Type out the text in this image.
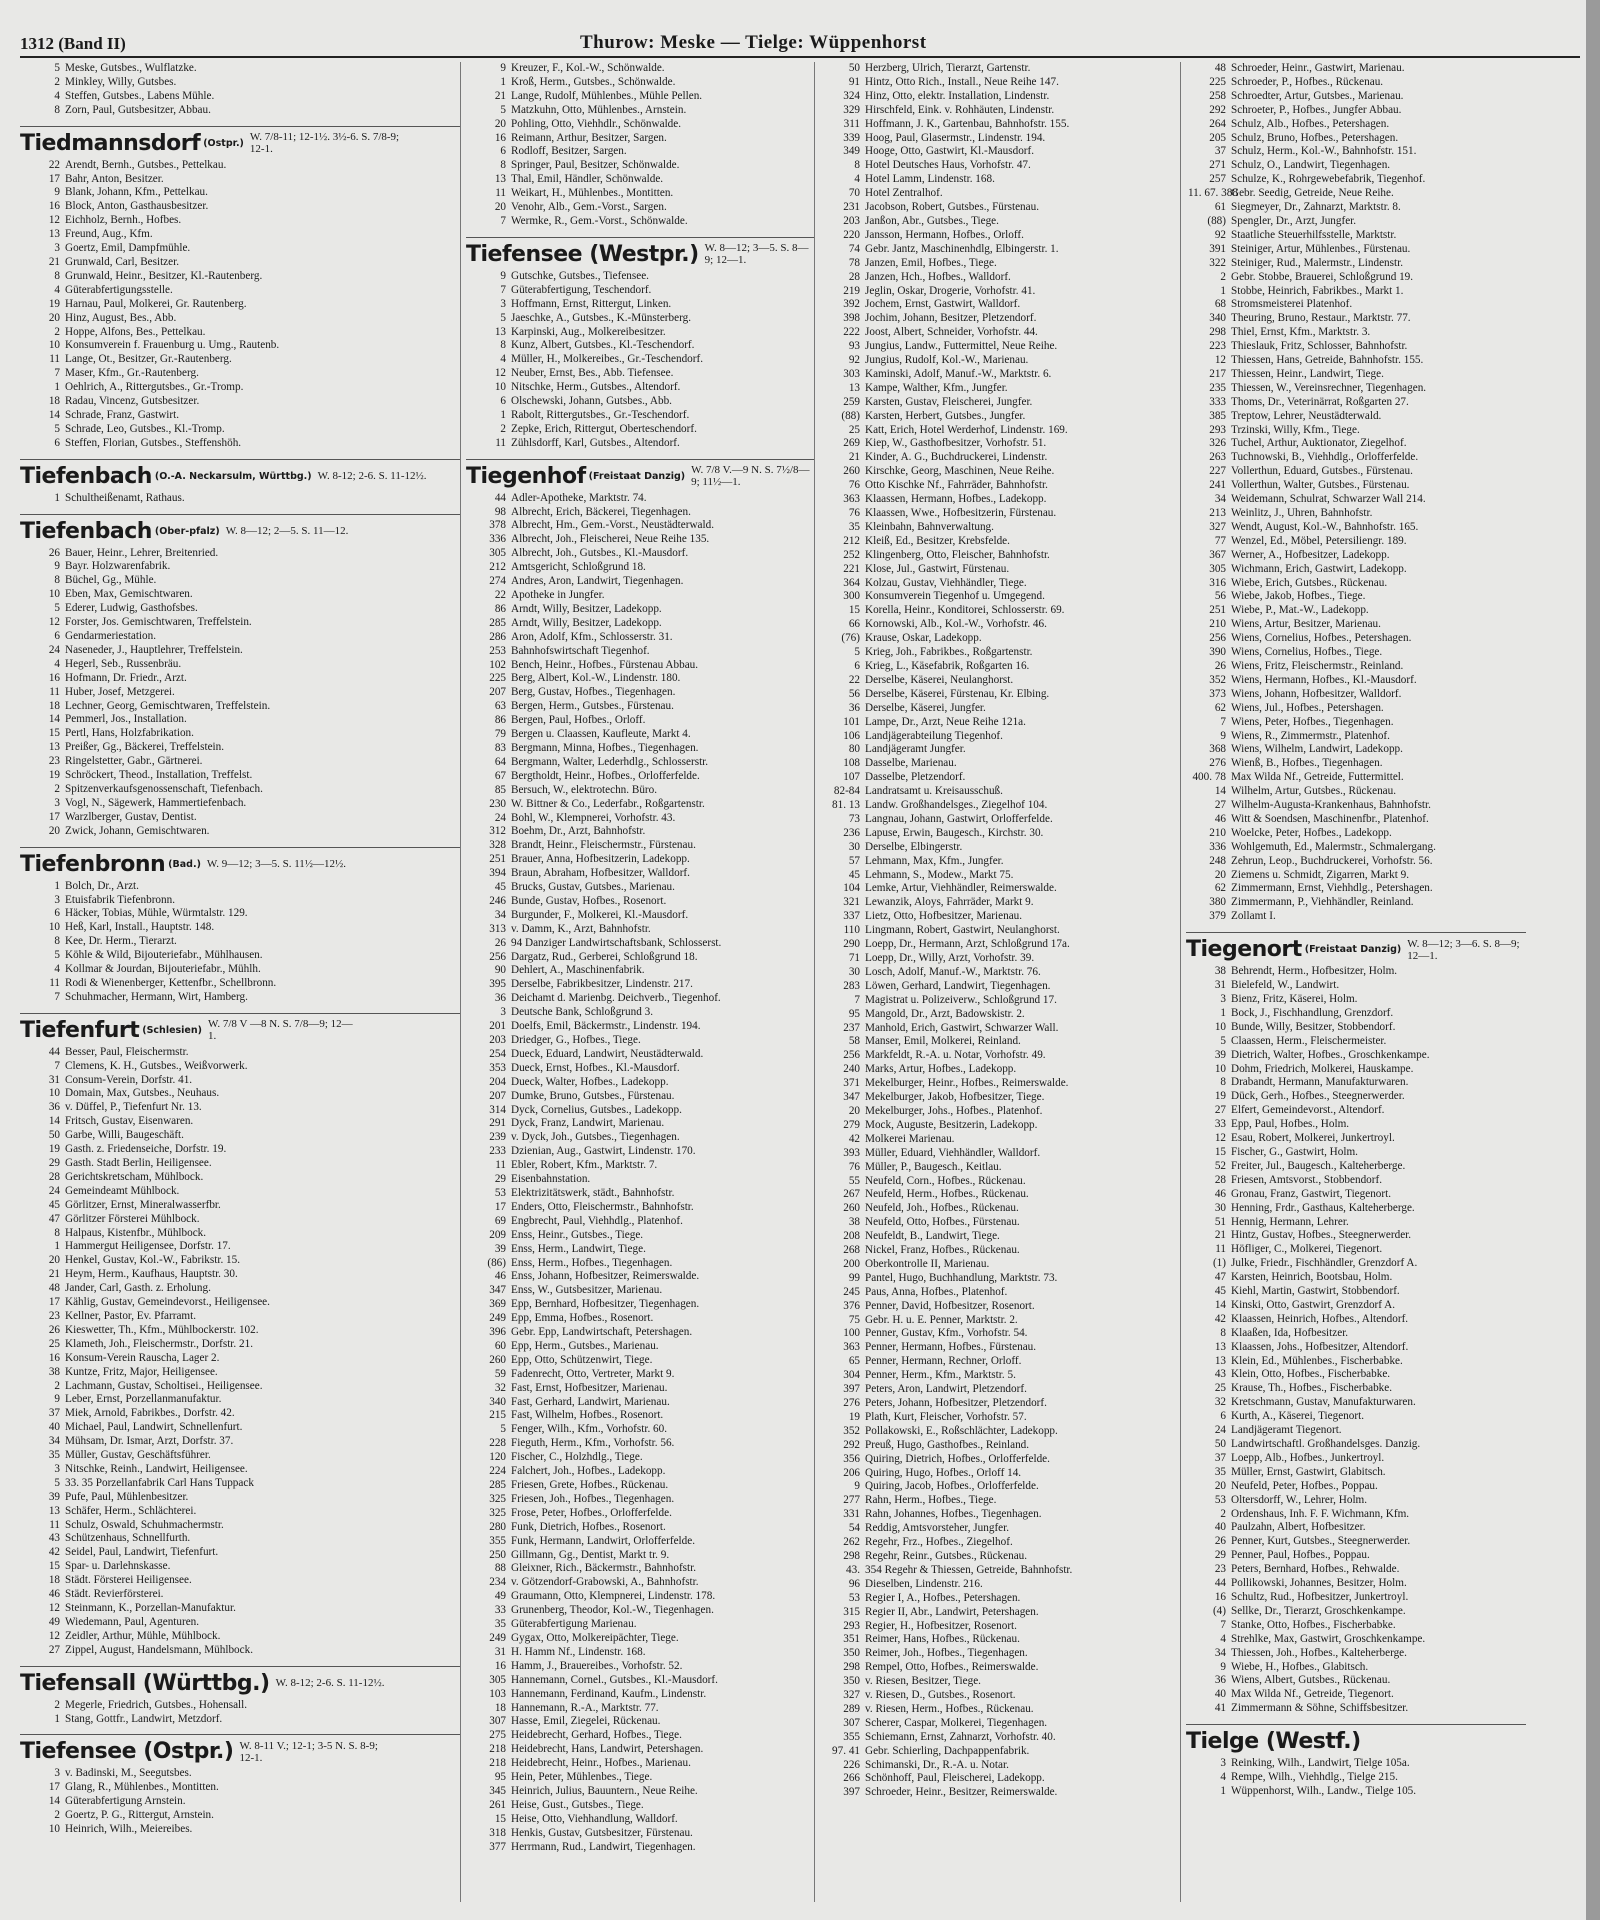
1312 (Band II)	Thurow: Meske — Tielge: Wüppenhorst
5 Meske, Gutsbes., Wulflatzke.
2 Minkley, Willy, Gutsbes.
4 Steffen, Gutsbes., Labens Mühle.
8 Zorn, Paul, Gutsbesitzer, Abbau.
Tiedmannsdorf (Ostpr.) W. 7/8-11; 12-1½. 3½-6. S. 7/8-9; 12-1.
22 Arendt, Bernh., Gutsbes., Pettelkau.
17 Bahr, Anton, Besitzer.
9 Blank, Johann, Kfm., Pettelkau.
16 Block, Anton, Gasthausbesitzer.
12 Eichholz, Bernh., Hofbes.
13 Freund, Aug., Kfm.
3 Goertz, Emil, Dampfmühle.
21 Grunwald, Carl, Besitzer.
8 Grunwald, Heinr., Besitzer, Kl.-Rautenberg.
4 Güterabfertigungsstelle.
19 Harnau, Paul, Molkerei, Gr. Rautenberg.
20 Hinz, August, Bes., Abb.
2 Hoppe, Alfons, Bes., Pettelkau.
10 Konsumverein f. Frauenburg u. Umg., Rautenb.
11 Lange, Ot., Besitzer, Gr.-Rautenberg.
7 Maser, Kfm., Gr.-Rautenberg.
1 Oehlrich, A., Rittergutsbes., Gr.-Tromp.
18 Radau, Vincenz, Gutsbesitzer.
14 Schrade, Franz, Gastwirt.
5 Schrade, Leo, Gutsbes., Kl.-Tromp.
6 Steffen, Florian, Gutsbes., Steffenshöh.
Tiefenbach (O.-A. Neckarsulm, Württbg.) W. 8-12; 2-6. S. 11-12½.
1 Schultheißenamt, Rathaus.
Tiefenbach (Ober-pfalz) W. 8—12; 2—5. S. 11—12.
26 Bauer, Heinr., Lehrer, Breitenried.
9 Bayr. Holzwarenfabrik.
8 Büchel, Gg., Mühle.
10 Eben, Max, Gemischtwaren.
5 Ederer, Ludwig, Gasthofsbes.
12 Forster, Jos. Gemischtwaren, Treffelstein.
6 Gendarmeriestation.
24 Naseneder, J., Hauptlehrer, Treffelstein.
4 Hegerl, Seb., Russenbräu.
16 Hofmann, Dr. Friedr., Arzt.
11 Huber, Josef, Metzgerei.
18 Lechner, Georg, Gemischtwaren, Treffelstein.
14 Pemmerl, Jos., Installation.
15 Pertl, Hans, Holzfabrikation.
13 Preißer, Gg., Bäckerei, Treffelstein.
23 Ringelstetter, Gabr., Gärtnerei.
19 Schröckert, Theod., Installation, Treffelst.
2 Spitzenverkaufsgenossenschaft, Tiefenbach.
3 Vogl, N., Sägewerk, Hammertiefenbach.
17 Warzlberger, Gustav, Dentist.
20 Zwick, Johann, Gemischtwaren.
Tiefenbronn (Bad.) W. 9—12; 3—5. S. 11½—12½.
1 Bolch, Dr., Arzt.
3 Etuisfabrik Tiefenbronn.
6 Häcker, Tobias, Mühle, Würmtalstr. 129.
10 Heß, Karl, Install., Hauptstr. 148.
8 Kee, Dr. Herm., Tierarzt.
5 Köhle & Wild, Bijouteriefabr., Mühlhausen.
4 Kollmar & Jourdan, Bijouteriefabr., Mühlh.
11 Rodi & Wienenberger, Kettenfbr., Schellbronn.
7 Schuhmacher, Hermann, Wirt, Hamberg.
Tiefenfurt (Schlesien) W. 7/8 V —8 N. S. 7/8—9; 12—1.
44 Besser, Paul, Fleischermstr.
7 Clemens, K. H., Gutsbes., Weißvorwerk.
31 Consum-Verein, Dorfstr. 41.
10 Domain, Max, Gutsbes., Neuhaus.
36 v. Düffel, P., Tiefenfurt Nr. 13.
14 Fritsch, Gustav, Eisenwaren.
50 Garbe, Willi, Baugeschäft.
19 Gasth. z. Friedenseiche, Dorfstr. 19.
29 Gasth. Stadt Berlin, Heiligensee.
28 Gerichtskretscham, Mühlbock.
24 Gemeindeamt Mühlbock.
45 Görlitzer, Ernst, Mineralwasserfbr.
47 Görlitzer Försterei Mühlbock.
8 Halpaus, Kistenfbr., Mühlbock.
1 Hammergut Heiligensee, Dorfstr. 17.
20 Henkel, Gustav, Kol.-W., Fabrikstr. 15.
21 Heym, Herm., Kaufhaus, Hauptstr. 30.
48 Jander, Carl, Gasth. z. Erholung.
17 Kählig, Gustav, Gemeindevorst., Heiligensee.
23 Kellner, Pastor, Ev. Pfarramt.
26 Kieswetter, Th., Kfm., Mühlbockerstr. 102.
25 Klameth, Joh., Fleischermstr., Dorfstr. 21.
16 Konsum-Verein Rauscha, Lager 2.
38 Kuntze, Fritz, Major, Heiligensee.
2 Lachmann, Gustav, Scholtisei., Heiligensee.
9 Leber, Ernst, Porzellanmanufaktur.
37 Miek, Arnold, Fabrikbes., Dorfstr. 42.
40 Michael, Paul, Landwirt, Schnellenfurt.
34 Mühsam, Dr. Ismar, Arzt, Dorfstr. 37.
35 Müller, Gustav, Geschäftsführer.
3 Nitschke, Reinh., Landwirt, Heiligensee.
5 33. 35 Porzellanfabrik Carl Hans Tuppack
39 Pufe, Paul, Mühlenbesitzer.
13 Schäfer, Herm., Schlächterei.
11 Schulz, Oswald, Schuhmachermstr.
43 Schützenhaus, Schnellfurth.
42 Seidel, Paul, Landwirt, Tiefenfurt.
15 Spar- u. Darlehnskasse.
18 Städt. Försterei Heiligensee.
46 Städt. Revierförsterei.
12 Steinmann, K., Porzellan-Manufaktur.
49 Wiedemann, Paul, Agenturen.
12 Zeidler, Arthur, Mühle, Mühlbock.
27 Zippel, August, Handelsmann, Mühlbock.
Tiefensall (Württbg.) W. 8-12; 2-6. S. 11-12½.
2 Megerle, Friedrich, Gutsbes., Hohensall.
1 Stang, Gottfr., Landwirt, Metzdorf.
Tiefensee (Ostpr.) W. 8-11 V.; 12-1; 3-5 N. S. 8-9; 12-1.
3 v. Badinski, M., Seegutsbes.
17 Glang, R., Mühlenbes., Montitten.
14 Güterabfertigung Arnstein.
2 Goertz, P. G., Rittergut, Arnstein.
10 Heinrich, Wilh., Meiereibes.
9 Kreuzer, F., Kol.-W., Schönwalde.
1 Kroß, Herm., Gutsbes., Schönwalde.
21 Lange, Rudolf, Mühlenbes., Mühle Pellen.
5 Matzkuhn, Otto, Mühlenbes., Arnstein.
20 Pohling, Otto, Viehhdlr., Schönwalde.
16 Reimann, Arthur, Besitzer, Sargen.
6 Rodloff, Besitzer, Sargen.
8 Springer, Paul, Besitzer, Schönwalde.
13 Thal, Emil, Händler, Schönwalde.
11 Weikart, H., Mühlenbes., Montitten.
20 Venohr, Alb., Gem.-Vorst., Sargen.
7 Wermke, R., Gem.-Vorst., Schönwalde.
Tiefensee (Westpr.) W. 8—12; 3—5. S. 8—9; 12—1.
9 Gutschke, Gutsbes., Tiefensee.
7 Güterabfertigung, Teschendorf.
3 Hoffmann, Ernst, Rittergut, Linken.
5 Jaeschke, A., Gutsbes., K.-Münsterberg.
13 Karpinski, Aug., Molkereibesitzer.
8 Kunz, Albert, Gutsbes., Kl.-Teschendorf.
4 Müller, H., Molkereibes., Gr.-Teschendorf.
12 Neuber, Ernst, Bes., Abb. Tiefensee.
10 Nitschke, Herm., Gutsbes., Altendorf.
6 Olschewski, Johann, Gutsbes., Abb.
1 Rabolt, Rittergutsbes., Gr.-Teschendorf.
2 Zepke, Erich, Rittergut, Oberteschendorf.
11 Zühlsdorff, Karl, Gutsbes., Altendorf.
Tiegenhof (Freistaat Danzig) W. 7/8 V.—9 N. S. 7½/8—9; 11½—1.
44 Adler-Apotheke, Marktstr. 74.
98 Albrecht, Erich, Bäckerei, Tiegenhagen.
378 Albrecht, Hm., Gem.-Vorst., Neustädterwald.
336 Albrecht, Joh., Fleischerei, Neue Reihe 135.
305 Albrecht, Joh., Gutsbes., Kl.-Mausdorf.
212 Amtsgericht, Schloßgrund 18.
274 Andres, Aron, Landwirt, Tiegenhagen.
22 Apotheke in Jungfer.
86 Arndt, Willy, Besitzer, Ladekopp.
285 Arndt, Willy, Besitzer, Ladekopp.
286 Aron, Adolf, Kfm., Schlosserstr. 31.
253 Bahnhofswirtschaft Tiegenhof.
102 Bench, Heinr., Hofbes., Fürstenau Abbau.
225 Berg, Albert, Kol.-W., Lindenstr. 180.
207 Berg, Gustav, Hofbes., Tiegenhagen.
63 Bergen, Herm., Gutsbes., Fürstenau.
86 Bergen, Paul, Hofbes., Orloff.
79 Bergen u. Claassen, Kaufleute, Markt 4.
83 Bergmann, Minna, Hofbes., Tiegenhagen.
64 Bergmann, Walter, Lederhdlg., Schlosserstr.
67 Bergtholdt, Heinr., Hofbes., Orlofferfelde.
85 Bersuch, W., elektrotechn. Büro.
230 W. Bittner & Co., Lederfabr., Roßgartenstr.
24 Bohl, W., Klempnerei, Vorhofstr. 43.
312 Boehm, Dr., Arzt, Bahnhofstr.
328 Brandt, Heinr., Fleischermstr., Fürstenau.
251 Brauer, Anna, Hofbesitzerin, Ladekopp.
394 Braun, Abraham, Hofbesitzer, Walldorf.
45 Brucks, Gustav, Gutsbes., Marienau.
246 Bunde, Gustav, Hofbes., Rosenort.
34 Burgunder, F., Molkerei, Kl.-Mausdorf.
313 v. Damm, K., Arzt, Bahnhofstr.
26 94 Danziger Landwirtschaftsbank, Schlosserst.
256 Dargatz, Rud., Gerberei, Schloßgrund 18.
90 Dehlert, A., Maschinenfabrik.
395 Derselbe, Fabrikbesitzer, Lindenstr. 217.
36 Deichamt d. Marienbg. Deichverb., Tiegenhof.
3 Deutsche Bank, Schloßgrund 3.
201 Doelfs, Emil, Bäckermstr., Lindenstr. 194.
203 Driedger, G., Hofbes., Tiege.
254 Dueck, Eduard, Landwirt, Neustädterwald.
353 Dueck, Ernst, Hofbes., Kl.-Mausdorf.
204 Dueck, Walter, Hofbes., Ladekopp.
207 Dumke, Bruno, Gutsbes., Fürstenau.
314 Dyck, Cornelius, Gutsbes., Ladekopp.
291 Dyck, Franz, Landwirt, Marienau.
239 v. Dyck, Joh., Gutsbes., Tiegenhagen.
233 Dzienian, Aug., Gastwirt, Lindenstr. 170.
11 Ebler, Robert, Kfm., Marktstr. 7.
29 Eisenbahnstation.
53 Elektrizitätswerk, städt., Bahnhofstr.
17 Enders, Otto, Fleischermstr., Bahnhofstr.
69 Engbrecht, Paul, Viehhdlg., Platenhof.
209 Enss, Heinr., Gutsbes., Tiege.
39 Enss, Herm., Landwirt, Tiege.
(86) Enss, Herm., Hofbes., Tiegenhagen.
46 Enss, Johann, Hofbesitzer, Reimerswalde.
347 Enss, W., Gutsbesitzer, Marienau.
369 Epp, Bernhard, Hofbesitzer, Tiegenhagen.
249 Epp, Emma, Hofbes., Rosenort.
396 Gebr. Epp, Landwirtschaft, Petershagen.
60 Epp, Herm., Gutsbes., Marienau.
260 Epp, Otto, Schützenwirt, Tiege.
59 Fadenrecht, Otto, Vertreter, Markt 9.
32 Fast, Ernst, Hofbesitzer, Marienau.
340 Fast, Gerhard, Landwirt, Marienau.
215 Fast, Wilhelm, Hofbes., Rosenort.
5 Fenger, Wilh., Kfm., Vorhofstr. 60.
228 Fieguth, Herm., Kfm., Vorhofstr. 56.
120 Fischer, C., Holzhdlg., Tiege.
224 Falchert, Joh., Hofbes., Ladekopp.
285 Friesen, Grete, Hofbes., Rückenau.
325 Friesen, Joh., Hofbes., Tiegenhagen.
325 Frose, Peter, Hofbes., Orlofferfelde.
280 Funk, Dietrich, Hofbes., Rosenort.
355 Funk, Hermann, Landwirt, Orlofferfelde.
250 Gillmann, Gg., Dentist, Markt tr. 9.
88 Gleixner, Rich., Bäckermstr., Bahnhofstr.
234 v. Götzendorf-Grabowski, A., Bahnhofstr.
49 Graumann, Otto, Klempnerei, Lindenstr. 178.
33 Grunenberg, Theodor, Kol.-W., Tiegenhagen.
35 Güterabfertigung Marienau.
249 Gygax, Otto, Molkereipächter, Tiege.
31 H. Hamm Nf., Lindenstr. 168.
16 Hamm, J., Brauereibes., Vorhofstr. 52.
305 Hannemann, Cornel., Gutsbes., Kl.-Mausdorf.
103 Hannemann, Ferdinand, Kaufm., Lindenstr.
18 Hannemann, R.-A., Marktstr. 77.
307 Hasse, Emil, Ziegelei, Rückenau.
275 Heidebrecht, Gerhard, Hofbes., Tiege.
218 Heidebrecht, Hans, Landwirt, Petershagen.
218 Heidebrecht, Heinr., Hofbes., Marienau.
95 Hein, Peter, Mühlenbes., Tiege.
345 Heinrich, Julius, Bauuntern., Neue Reihe.
261 Heise, Gust., Gutsbes., Tiege.
15 Heise, Otto, Viehhandlung, Walldorf.
318 Henkis, Gustav, Gutsbesitzer, Fürstenau.
377 Herrmann, Rud., Landwirt, Tiegenhagen.
50 Herzberg, Ulrich, Tierarzt, Gartenstr.
91 Hintz, Otto Rich., Install., Neue Reihe 147.
324 Hinz, Otto, elektr. Installation, Lindenstr.
329 Hirschfeld, Eink. v. Rohhäuten, Lindenstr.
311 Hoffmann, J. K., Gartenbau, Bahnhofstr. 155.
339 Hoog, Paul, Glasermstr., Lindenstr. 194.
349 Hooge, Otto, Gastwirt, Kl.-Mausdorf.
8 Hotel Deutsches Haus, Vorhofstr. 47.
4 Hotel Lamm, Lindenstr. 168.
70 Hotel Zentralhof.
231 Jacobson, Robert, Gutsbes., Fürstenau.
203 Janßon, Abr., Gutsbes., Tiege.
220 Jansson, Hermann, Hofbes., Orloff.
74 Gebr. Jantz, Maschinenhdlg, Elbingerstr. 1.
78 Janzen, Emil, Hofbes., Tiege.
28 Janzen, Hch., Hofbes., Walldorf.
219 Jeglin, Oskar, Drogerie, Vorhofstr. 41.
392 Jochem, Ernst, Gastwirt, Walldorf.
398 Jochim, Johann, Besitzer, Pletzendorf.
222 Joost, Albert, Schneider, Vorhofstr. 44.
93 Jungius, Landw., Futtermittel, Neue Reihe.
92 Jungius, Rudolf, Kol.-W., Marienau.
303 Kaminski, Adolf, Manuf.-W., Marktstr. 6.
13 Kampe, Walther, Kfm., Jungfer.
259 Karsten, Gustav, Fleischerei, Jungfer.
(88) Karsten, Herbert, Gutsbes., Jungfer.
25 Katt, Erich, Hotel Werderhof, Lindenstr. 169.
269 Kiep, W., Gasthofbesitzer, Vorhofstr. 51.
21 Kinder, A. G., Buchdruckerei, Lindenstr.
260 Kirschke, Georg, Maschinen, Neue Reihe.
76 Otto Kischke Nf., Fahrräder, Bahnhofstr.
363 Klaassen, Hermann, Hofbes., Ladekopp.
76 Klaassen, Wwe., Hofbesitzerin, Fürstenau.
35 Kleinbahn, Bahnverwaltung.
212 Kleiß, Ed., Besitzer, Krebsfelde.
252 Klingenberg, Otto, Fleischer, Bahnhofstr.
221 Klose, Jul., Gastwirt, Fürstenau.
364 Kolzau, Gustav, Viehhändler, Tiege.
300 Konsumverein Tiegenhof u. Umgegend.
15 Korella, Heinr., Konditorei, Schlosserstr. 69.
66 Kornowski, Alb., Kol.-W., Vorhofstr. 46.
(76) Krause, Oskar, Ladekopp.
5 Krieg, Joh., Fabrikbes., Roßgartenstr.
6 Krieg, L., Käsefabrik, Roßgarten 16.
22 Derselbe, Käserei, Neulanghorst.
56 Derselbe, Käserei, Fürstenau, Kr. Elbing.
36 Derselbe, Käserei, Jungfer.
101 Lampe, Dr., Arzt, Neue Reihe 121a.
106 Landjägerabteilung Tiegenhof.
80 Landjägeramt Jungfer.
108 Dasselbe, Marienau.
107 Dasselbe, Pletzendorf.
82-84 Landratsamt u. Kreisausschuß.
81. 13 Landw. Großhandelsges., Ziegelhof 104.
73 Langnau, Johann, Gastwirt, Orlofferfelde.
236 Lapuse, Erwin, Baugesch., Kirchstr. 30.
30 Derselbe, Elbingerstr.
57 Lehmann, Max, Kfm., Jungfer.
45 Lehmann, S., Modew., Markt 75.
104 Lemke, Artur, Viehhändler, Reimerswalde.
321 Lewanzik, Aloys, Fahrräder, Markt 9.
337 Lietz, Otto, Hofbesitzer, Marienau.
110 Lingmann, Robert, Gastwirt, Neulanghorst.
290 Loepp, Dr., Hermann, Arzt, Schloßgrund 17a.
71 Loepp, Dr., Willy, Arzt, Vorhofstr. 39.
30 Losch, Adolf, Manuf.-W., Marktstr. 76.
283 Löwen, Gerhard, Landwirt, Tiegenhagen.
7 Magistrat u. Polizeiverw., Schloßgrund 17.
95 Mangold, Dr., Arzt, Badowskistr. 2.
237 Manhold, Erich, Gastwirt, Schwarzer Wall.
58 Manser, Emil, Molkerei, Reinland.
256 Markfeldt, R.-A. u. Notar, Vorhofstr. 49.
240 Marks, Artur, Hofbes., Ladekopp.
371 Mekelburger, Heinr., Hofbes., Reimerswalde.
347 Mekelburger, Jakob, Hofbesitzer, Tiege.
20 Mekelburger, Johs., Hofbes., Platenhof.
279 Mock, Auguste, Besitzerin, Ladekopp.
42 Molkerei Marienau.
393 Müller, Eduard, Viehhändler, Walldorf.
76 Müller, P., Baugesch., Keitlau.
55 Neufeld, Corn., Hofbes., Rückenau.
267 Neufeld, Herm., Hofbes., Rückenau.
260 Neufeld, Joh., Hofbes., Rückenau.
38 Neufeld, Otto, Hofbes., Fürstenau.
208 Neufeldt, B., Landwirt, Tiege.
268 Nickel, Franz, Hofbes., Rückenau.
200 Oberkontrolle II, Marienau.
99 Pantel, Hugo, Buchhandlung, Marktstr. 73.
245 Paus, Anna, Hofbes., Platenhof.
376 Penner, David, Hofbesitzer, Rosenort.
75 Gebr. H. u. E. Penner, Marktstr. 2.
100 Penner, Gustav, Kfm., Vorhofstr. 54.
363 Penner, Hermann, Hofbes., Fürstenau.
65 Penner, Hermann, Rechner, Orloff.
304 Penner, Herm., Kfm., Marktstr. 5.
397 Peters, Aron, Landwirt, Pletzendorf.
276 Peters, Johann, Hofbesitzer, Pletzendorf.
19 Plath, Kurt, Fleischer, Vorhofstr. 57.
352 Pollakowski, E., Roßschlächter, Ladekopp.
292 Preuß, Hugo, Gasthofbes., Reinland.
356 Quiring, Dietrich, Hofbes., Orlofferfelde.
206 Quiring, Hugo, Hofbes., Orloff 14.
9 Quiring, Jacob, Hofbes., Orlofferfelde.
277 Rahn, Herm., Hofbes., Tiege.
331 Rahn, Johannes, Hofbes., Tiegenhagen.
54 Reddig, Amtsvorsteher, Jungfer.
262 Regehr, Frz., Hofbes., Ziegelhof.
298 Regehr, Reinr., Gutsbes., Rückenau.
43. 354 Regehr & Thiessen, Getreide, Bahnhofstr.
96 Dieselben, Lindenstr. 216.
53 Regier I, A., Hofbes., Petershagen.
315 Regier II, Abr., Landwirt, Petershagen.
293 Regier, H., Hofbesitzer, Rosenort.
351 Reimer, Hans, Hofbes., Rückenau.
350 Reimer, Joh., Hofbes., Tiegenhagen.
298 Rempel, Otto, Hofbes., Reimerswalde.
350 v. Riesen, Besitzer, Tiege.
327 v. Riesen, D., Gutsbes., Rosenort.
289 v. Riesen, Herm., Hofbes., Rückenau.
307 Scherer, Caspar, Molkerei, Tiegenhagen.
355 Schiemann, Ernst, Zahnarzt, Vorhofstr. 40.
97. 41 Gebr. Schierling, Dachpappenfabrik.
226 Schimanski, Dr., R.-A. u. Notar.
266 Schönhoff, Paul, Fleischerei, Ladekopp.
397 Schroeder, Heinr., Besitzer, Reimerswalde.
48 Schroeder, Heinr., Gastwirt, Marienau.
225 Schroeder, P., Hofbes., Rückenau.
258 Schroedter, Artur, Gutsbes., Marienau.
292 Schroeter, P., Hofbes., Jungfer Abbau.
264 Schulz, Alb., Hofbes., Petershagen.
205 Schulz, Bruno, Hofbes., Petershagen.
37 Schulz, Herm., Kol.-W., Bahnhofstr. 151.
271 Schulz, O., Landwirt, Tiegenhagen.
257 Schulze, K., Rohrgewebefabrik, Tiegenhof.
11. 67. 388Gebr. Seedig, Getreide, Neue Reihe.
61 Siegmeyer, Dr., Zahnarzt, Marktstr. 8.
(88) Spengler, Dr., Arzt, Jungfer.
92 Staatliche Steuerhilfsstelle, Marktstr.
391 Steiniger, Artur, Mühlenbes., Fürstenau.
322 Steiniger, Rud., Malermstr., Lindenstr.
2 Gebr. Stobbe, Brauerei, Schloßgrund 19.
1 Stobbe, Heinrich, Fabrikbes., Markt 1.
68 Stromsmeisterei Platenhof.
340 Theuring, Bruno, Restaur., Marktstr. 77.
298 Thiel, Ernst, Kfm., Marktstr. 3.
223 Thieslauk, Fritz, Schlosser, Bahnhofstr.
12 Thiessen, Hans, Getreide, Bahnhofstr. 155.
217 Thiessen, Heinr., Landwirt, Tiege.
235 Thiessen, W., Vereinsrechner, Tiegenhagen.
333 Thoms, Dr., Veterinärrat, Roßgarten 27.
385 Treptow, Lehrer, Neustädterwald.
293 Trzinski, Willy, Kfm., Tiege.
326 Tuchel, Arthur, Auktionator, Ziegelhof.
263 Tuchnowski, B., Viehhdlg., Orlofferfelde.
227 Vollerthun, Eduard, Gutsbes., Fürstenau.
241 Vollerthun, Walter, Gutsbes., Fürstenau.
34 Weidemann, Schulrat, Schwarzer Wall 214.
213 Weinlitz, J., Uhren, Bahnhofstr.
327 Wendt, August, Kol.-W., Bahnhofstr. 165.
77 Wenzel, Ed., Möbel, Petersiliengr. 189.
367 Werner, A., Hofbesitzer, Ladekopp.
305 Wichmann, Erich, Gastwirt, Ladekopp.
316 Wiebe, Erich, Gutsbes., Rückenau.
56 Wiebe, Jakob, Hofbes., Tiege.
251 Wiebe, P., Mat.-W., Ladekopp.
210 Wiens, Artur, Besitzer, Marienau.
256 Wiens, Cornelius, Hofbes., Petershagen.
390 Wiens, Cornelius, Hofbes., Tiege.
26 Wiens, Fritz, Fleischermstr., Reinland.
352 Wiens, Hermann, Hofbes., Kl.-Mausdorf.
373 Wiens, Johann, Hofbesitzer, Walldorf.
62 Wiens, Jul., Hofbes., Petershagen.
7 Wiens, Peter, Hofbes., Tiegenhagen.
9 Wiens, R., Zimmermstr., Platenhof.
368 Wiens, Wilhelm, Landwirt, Ladekopp.
276 Wienß, B., Hofbes., Tiegenhagen.
400. 78 Max Wilda Nf., Getreide, Futtermittel.
14 Wilhelm, Artur, Gutsbes., Rückenau.
27 Wilhelm-Augusta-Krankenhaus, Bahnhofstr.
46 Witt & Soendsen, Maschinenfbr., Platenhof.
210 Woelcke, Peter, Hofbes., Ladekopp.
336 Wohlgemuth, Ed., Malermstr., Schmalergang.
248 Zehrun, Leop., Buchdruckerei, Vorhofstr. 56.
20 Ziemens u. Schmidt, Zigarren, Markt 9.
62 Zimmermann, Ernst, Viehhdlg., Petershagen.
380 Zimmermann, P., Viehhändler, Reinland.
379 Zollamt I.
Tiegenort (Freistaat Danzig) W. 8—12; 3—6. S. 8—9; 12—1.
38 Behrendt, Herm., Hofbesitzer, Holm.
31 Bielefeld, W., Landwirt.
3 Bienz, Fritz, Käserei, Holm.
1 Bock, J., Fischhandlung, Grenzdorf.
10 Bunde, Willy, Besitzer, Stobbendorf.
5 Claassen, Herm., Fleischermeister.
39 Dietrich, Walter, Hofbes., Groschkenkampe.
10 Dohm, Friedrich, Molkerei, Hauskampe.
8 Drabandt, Hermann, Manufakturwaren.
19 Dück, Gerh., Hofbes., Steegnerwerder.
27 Elfert, Gemeindevorst., Altendorf.
33 Epp, Paul, Hofbes., Holm.
12 Esau, Robert, Molkerei, Junkertroyl.
15 Fischer, G., Gastwirt, Holm.
52 Freiter, Jul., Baugesch., Kalteherberge.
28 Friesen, Amtsvorst., Stobbendorf.
46 Gronau, Franz, Gastwirt, Tiegenort.
30 Henning, Frdr., Gasthaus, Kalteherberge.
51 Hennig, Hermann, Lehrer.
21 Hintz, Gustav, Hofbes., Steegnerwerder.
11 Höfliger, C., Molkerei, Tiegenort.
(1) Julke, Friedr., Fischhändler, Grenzdorf A.
47 Karsten, Heinrich, Bootsbau, Holm.
45 Kiehl, Martin, Gastwirt, Stobbendorf.
14 Kinski, Otto, Gastwirt, Grenzdorf A.
42 Klaassen, Heinrich, Hofbes., Altendorf.
8 Klaaßen, Ida, Hofbesitzer.
13 Klaassen, Johs., Hofbesitzer, Altendorf.
13 Klein, Ed., Mühlenbes., Fischerbabke.
43 Klein, Otto, Hofbes., Fischerbabke.
25 Krause, Th., Hofbes., Fischerbabke.
32 Kretschmann, Gustav, Manufakturwaren.
6 Kurth, A., Käserei, Tiegenort.
24 Landjägeramt Tiegenort.
50 Landwirtschaftl. Großhandelsges. Danzig.
37 Loepp, Alb., Hofbes., Junkertroyl.
35 Müller, Ernst, Gastwirt, Glabitsch.
20 Neufeld, Peter, Hofbes., Poppau.
53 Oltersdorff, W., Lehrer, Holm.
2 Ordenshaus, Inh. F. F. Wichmann, Kfm.
40 Paulzahn, Albert, Hofbesitzer.
26 Penner, Kurt, Gutsbes., Steegnerwerder.
29 Penner, Paul, Hofbes., Poppau.
23 Peters, Bernhard, Hofbes., Rehwalde.
44 Pollikowski, Johannes, Besitzer, Holm.
16 Schultz, Rud., Hofbesitzer, Junkertroyl.
(4) Sellke, Dr., Tierarzt, Groschkenkampe.
7 Stanke, Otto, Hofbes., Fischerbabke.
4 Strehlke, Max, Gastwirt, Groschkenkampe.
34 Thiessen, Joh., Hofbes., Kalteherberge.
9 Wiebe, H., Hofbes., Glabitsch.
36 Wiens, Albert, Gutsbes., Rückenau.
40 Max Wilda Nf., Getreide, Tiegenort.
41 Zimmermann & Söhne, Schiffsbesitzer.
Tielge (Westf.)
3 Reinking, Wilh., Landwirt, Tielge 105a.
4 Rempe, Wilh., Viehhdlg., Tielge 215.
1 Wüppenhorst, Wilh., Landw., Tielge 105.
